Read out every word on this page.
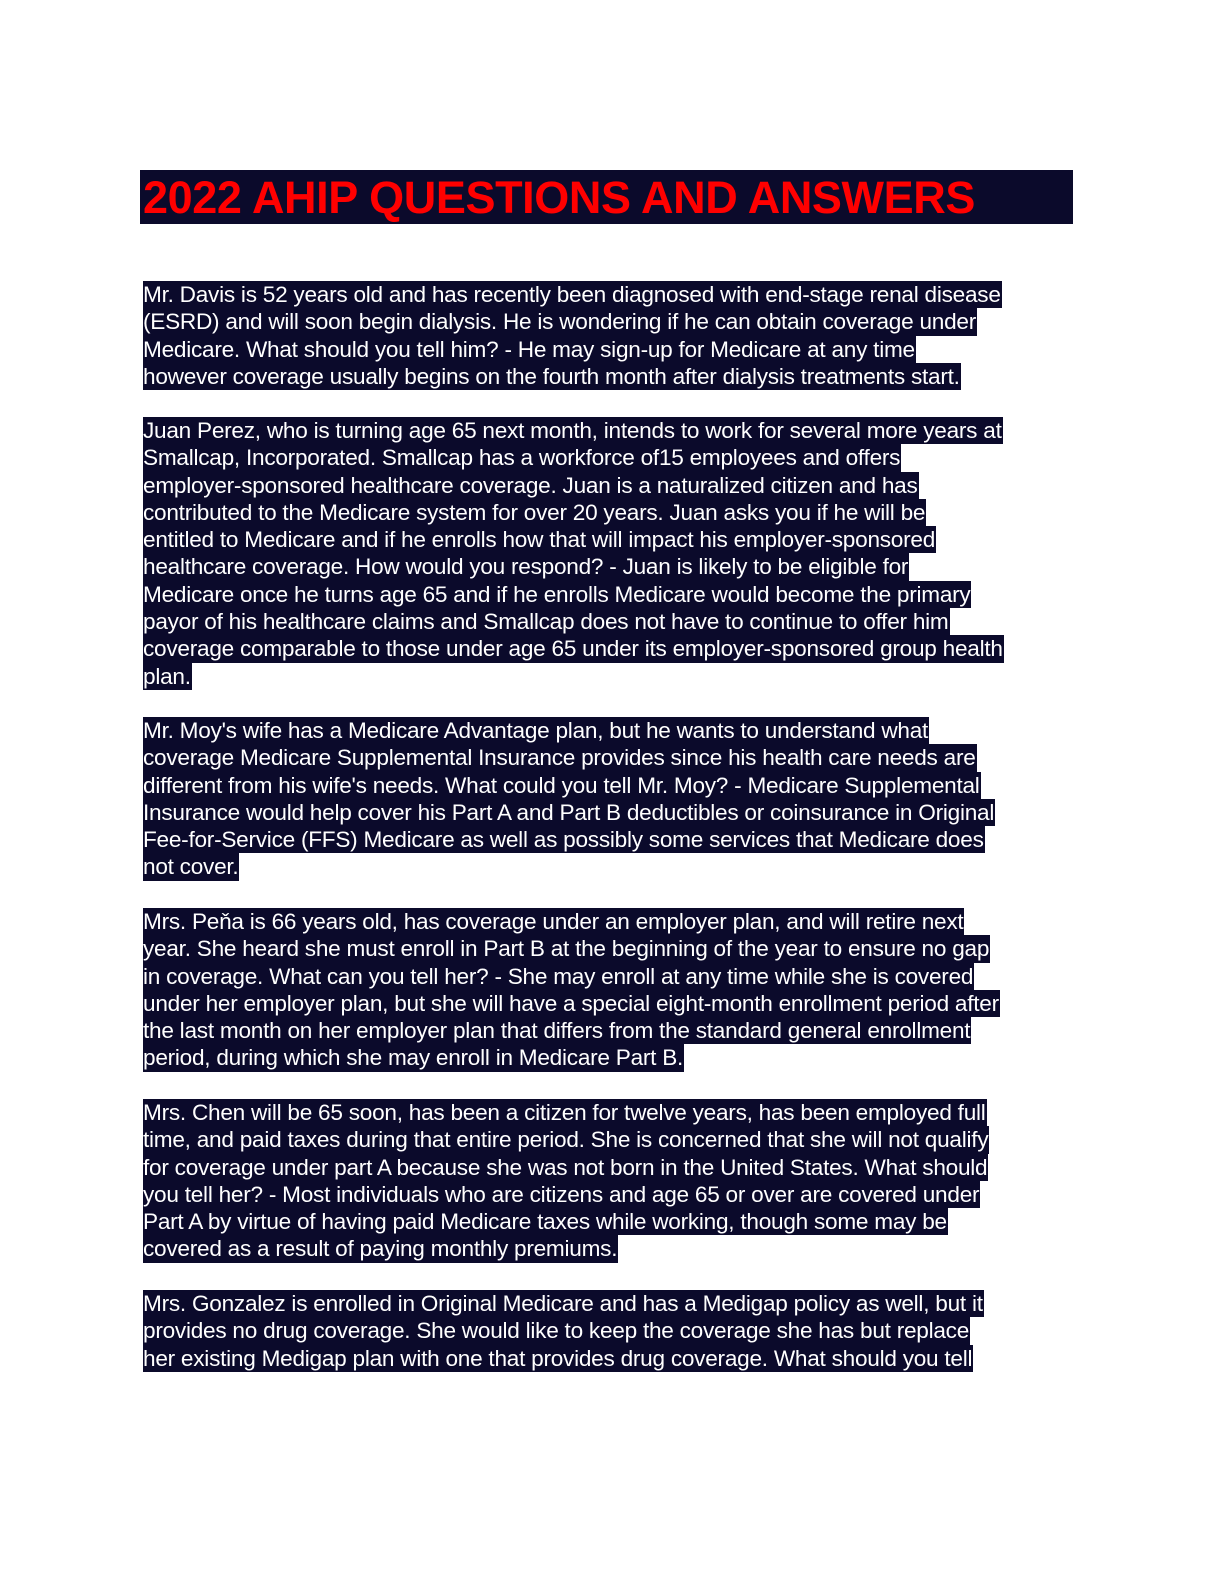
2022 AHIP QUESTIONS AND ANSWERS
Mr. Davis is 52 years old and has recently been diagnosed with end-stage renal disease
(ESRD) and will soon begin dialysis. He is wondering if he can obtain coverage under
Medicare. What should you tell him? - He may sign-up for Medicare at any time
however coverage usually begins on the fourth month after dialysis treatments start.
Juan Perez, who is turning age 65 next month, intends to work for several more years at
Smallcap, Incorporated. Smallcap has a workforce of15 employees and offers
employer-sponsored healthcare coverage. Juan is a naturalized citizen and has
contributed to the Medicare system for over 20 years. Juan asks you if he will be
entitled to Medicare and if he enrolls how that will impact his employer-sponsored
healthcare coverage. How would you respond? - Juan is likely to be eligible for
Medicare once he turns age 65 and if he enrolls Medicare would become the primary
payor of his healthcare claims and Smallcap does not have to continue to offer him
coverage comparable to those under age 65 under its employer-sponsored group health
plan.
Mr. Moy's wife has a Medicare Advantage plan, but he wants to understand what
coverage Medicare Supplemental Insurance provides since his health care needs are
different from his wife's needs. What could you tell Mr. Moy? - Medicare Supplemental
Insurance would help cover his Part A and Part B deductibles or coinsurance in Original
Fee-for-Service (FFS) Medicare as well as possibly some services that Medicare does
not cover.
Mrs. Peňa is 66 years old, has coverage under an employer plan, and will retire next
year. She heard she must enroll in Part B at the beginning of the year to ensure no gap
in coverage. What can you tell her? - She may enroll at any time while she is covered
under her employer plan, but she will have a special eight-month enrollment period after
the last month on her employer plan that differs from the standard general enrollment
period, during which she may enroll in Medicare Part B.
Mrs. Chen will be 65 soon, has been a citizen for twelve years, has been employed full
time, and paid taxes during that entire period. She is concerned that she will not qualify
for coverage under part A because she was not born in the United States. What should
you tell her? - Most individuals who are citizens and age 65 or over are covered under
Part A by virtue of having paid Medicare taxes while working, though some may be
covered as a result of paying monthly premiums.
Mrs. Gonzalez is enrolled in Original Medicare and has a Medigap policy as well, but it
provides no drug coverage. She would like to keep the coverage she has but replace
her existing Medigap plan with one that provides drug coverage. What should you tell
